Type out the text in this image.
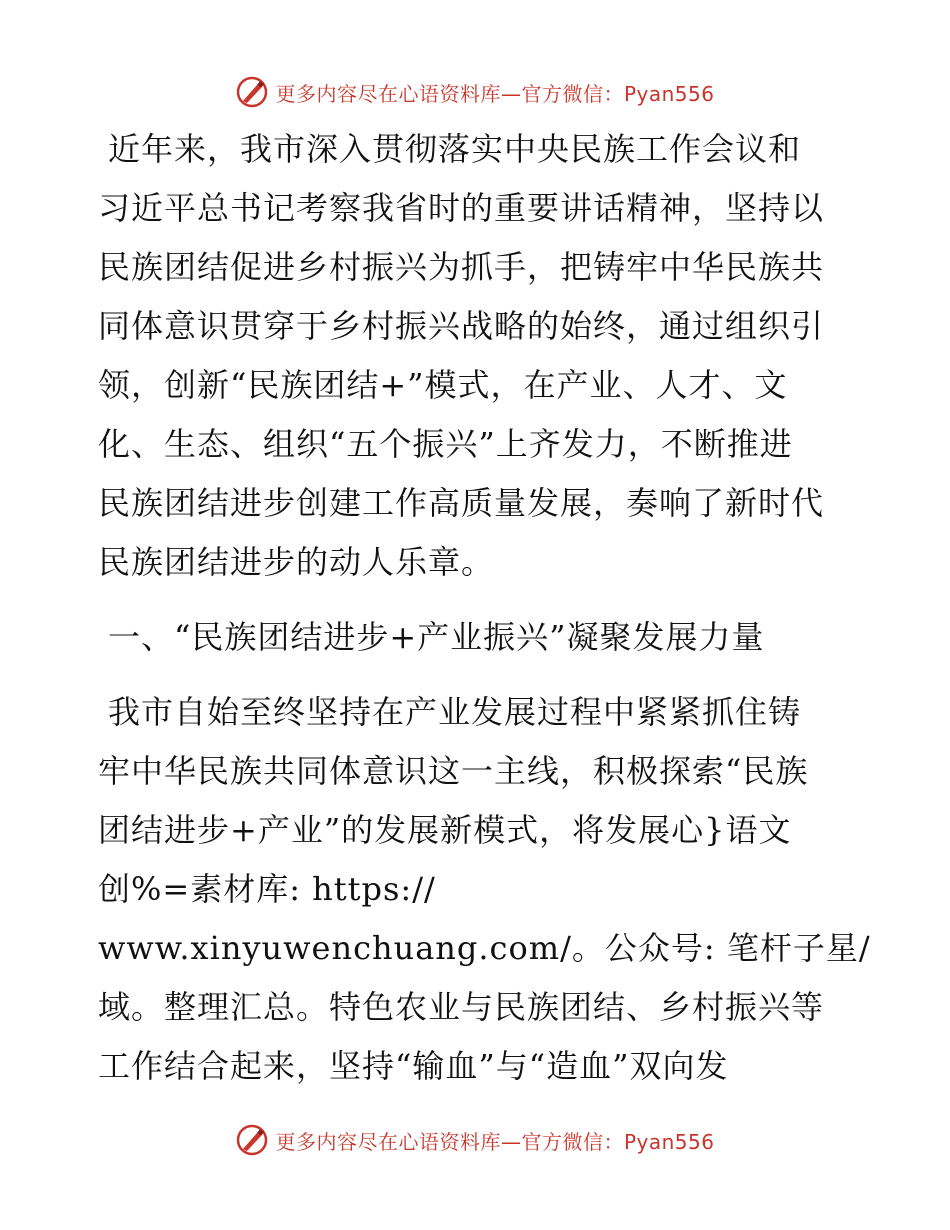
更多内容尽在心语资料库—官方微信：Pyan556
近年来，我市深入贯彻落实中央民族工作会议和
习近平总书记考察我省时的重要讲话精神，坚持以
民族团结促进乡村振兴为抓手，把铸牢中华民族共
同体意识贯穿于乡村振兴战略的始终，通过组织引
领，创新“民族团结+”模式，在产业、人才、文
化、生态、组织“五个振兴”上齐发力，不断推进
民族团结进步创建工作高质量发展，奏响了新时代
民族团结进步的动人乐章。
一、“民族团结进步+产业振兴”凝聚发展力量
我市自始至终坚持在产业发展过程中紧紧抓住铸
牢中华民族共同体意识这一主线，积极探索“民族
团结进步+产业”的发展新模式，将发展心}语文
创%=素材库: https://
www.xinyuwenchuang.com/。公众号: 笔杆子星/
域。整理汇总。特色农业与民族团结、乡村振兴等
工作结合起来，坚持“输血”与“造血”双向发
更多内容尽在心语资料库—官方微信：Pyan556
